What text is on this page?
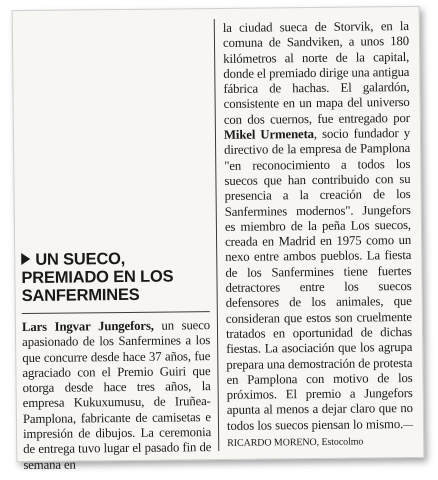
UN SUECO, PREMIADO EN LOS SANFERMINES

Lars Ingvar Jungefors, un sueco apasionado de los Sanfermines a los que concurre desde hace 37 años, fue agraciado con el Premio Guiri que otorga desde hace tres años, la empresa Kukuxumusu, de Iruñea-Pamplona, fabricante de camisetas e impresión de dibujos. La ceremonia de entrega tuvo lugar el pasado fin de semana en

la ciudad sueca de Storvik, en la comuna de Sandviken, a unos 180 kilómetros al norte de la capital, donde el premiado dirige una antigua fábrica de hachas. El galardón, consistente en un mapa del universo con dos cuernos, fue entregado por Mikel Urmeneta, socio fundador y directivo de la empresa de Pamplona "en reconocimiento a todos los suecos que han contribuido con su presencia a la creación de los Sanfermines modernos". Jungefors es miembro de la peña Los suecos, creada en Madrid en 1975 como un nexo entre ambos pueblos. La fiesta de los Sanfermines tiene fuertes detractores entre los suecos defensores de los animales, que consideran que estos son cruelmente tratados en oportunidad de dichas fiestas. La asociación que los agrupa prepara una demostración de protesta en Pamplona con motivo de los próximos. El premio a Jungefors apunta al menos a dejar claro que no todos los suecos piensan lo mismo.— RICARDO MORENO, Estocolmo
